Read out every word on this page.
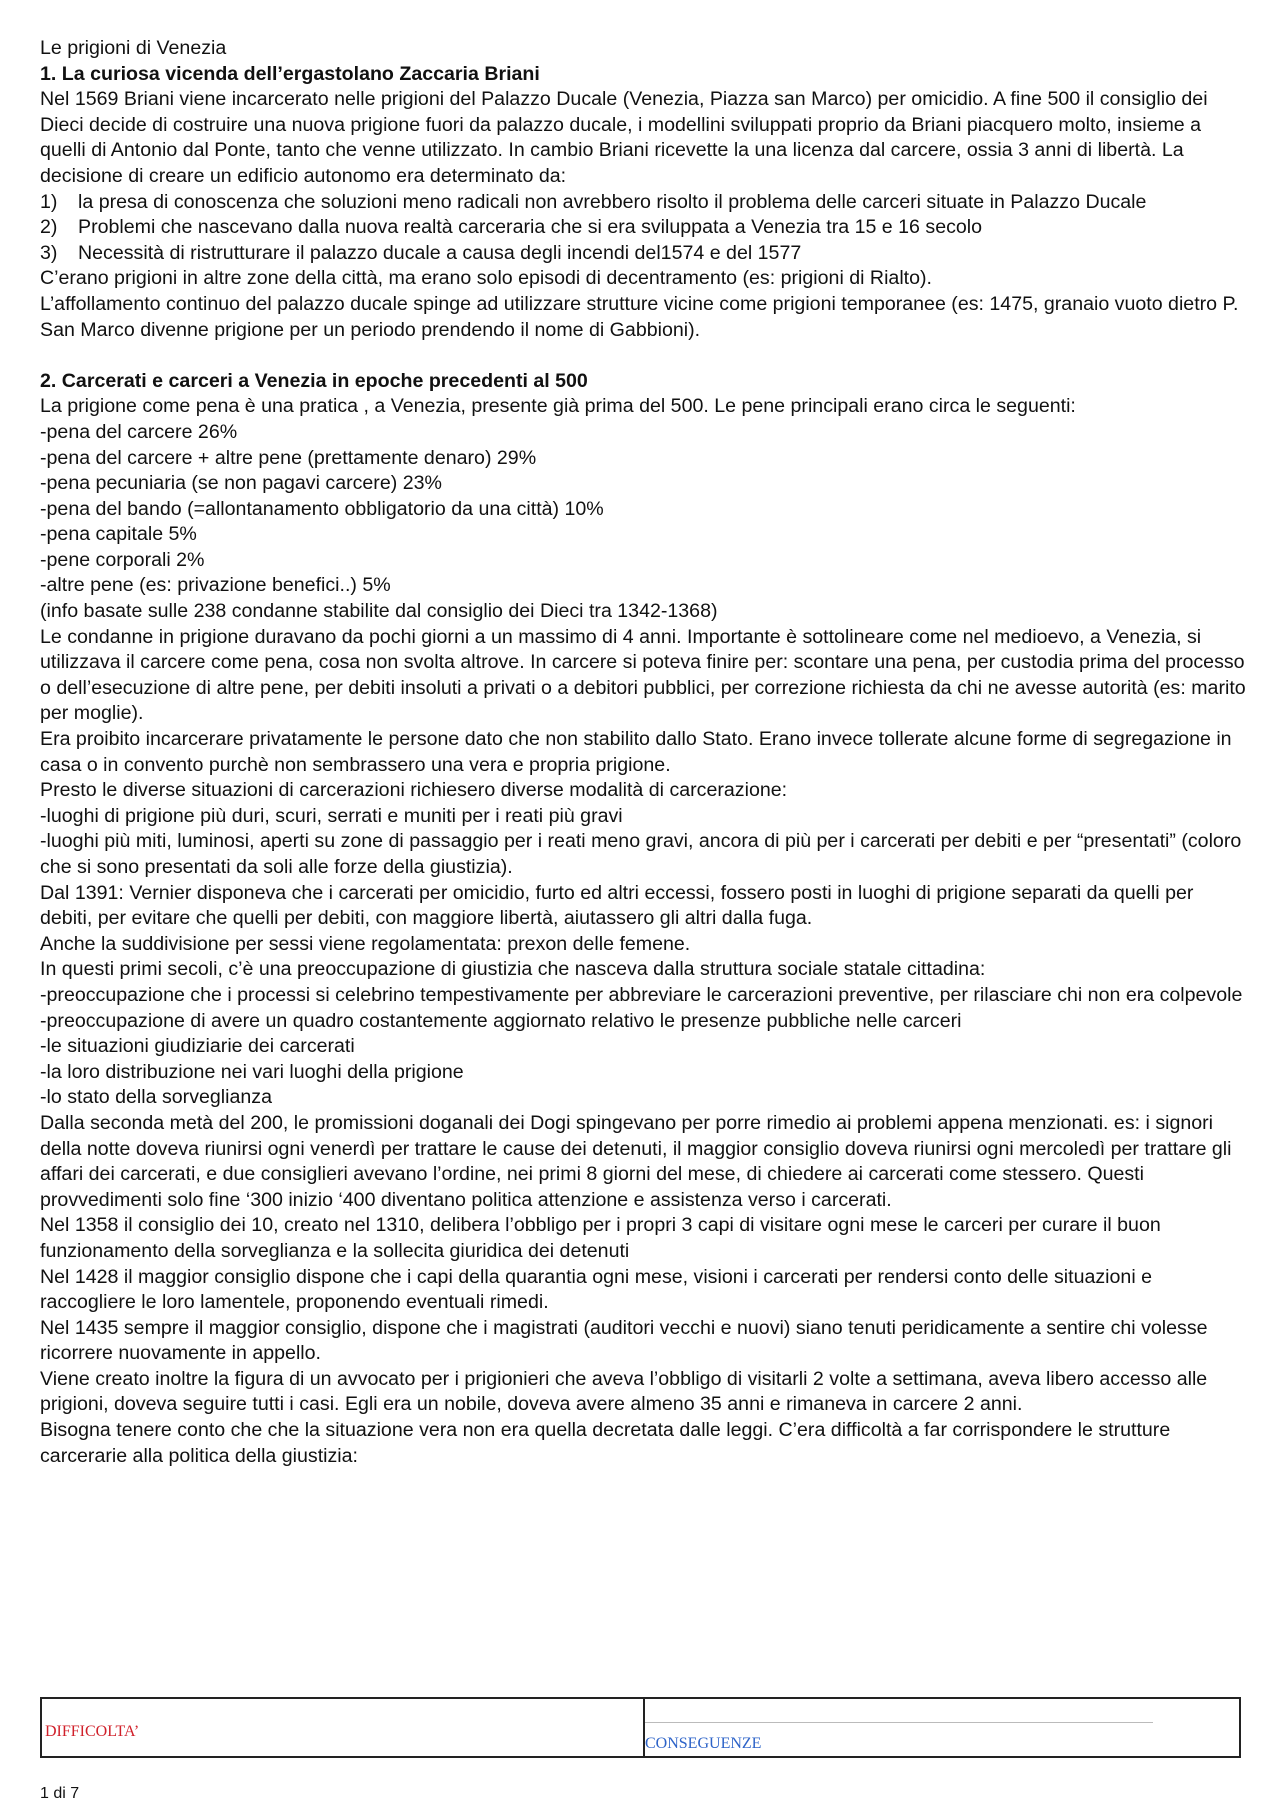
Le prigioni di Venezia

1. La curiosa vicenda dell’ergastolano Zaccaria Briani

Nel 1569 Briani viene incarcerato nelle prigioni del Palazzo Ducale (Venezia, Piazza san Marco) per omicidio. A fine 500 il consiglio dei Dieci decide di costruire una nuova prigione fuori da palazzo ducale, i modellini sviluppati proprio da Briani piacquero molto, insieme a quelli di Antonio dal Ponte, tanto che venne utilizzato. In cambio Briani ricevette la una licenza dal carcere, ossia 3 anni di libertà. La decisione di creare un edificio autonomo era determinato da:

1) la presa di conoscenza che soluzioni meno radicali non avrebbero risolto il problema delle carceri situate in Palazzo Ducale
2) Problemi che nascevano dalla nuova realtà carceraria che si era sviluppata a Venezia tra 15 e 16 secolo
3) Necessità di ristrutturare il palazzo ducale a causa degli incendi del1574 e del 1577

C’erano prigioni in altre zone della città, ma erano solo episodi di decentramento (es: prigioni di Rialto).

L’affollamento continuo del palazzo ducale spinge ad utilizzare strutture vicine come prigioni temporanee (es: 1475, granaio vuoto dietro P. San Marco divenne prigione per un periodo prendendo il nome di Gabbioni).

2. Carcerati e carceri a Venezia in epoche precedenti al 500

La prigione come pena è una pratica , a Venezia, presente già prima del 500. Le pene principali erano circa le seguenti:

-pena del carcere 26%

-pena del carcere + altre pene (prettamente denaro) 29%

-pena pecuniaria (se non pagavi carcere) 23%

-pena del bando (=allontanamento obbligatorio da una città) 10%

-pena capitale 5%

-pene corporali 2%

-altre pene (es: privazione benefici..) 5%

(info basate sulle 238 condanne stabilite dal consiglio dei Dieci tra 1342-1368)

Le condanne in prigione duravano da pochi giorni a un massimo di 4 anni. Importante è sottolineare come nel medioevo, a Venezia, si utilizzava il carcere come pena, cosa non svolta altrove. In carcere si poteva finire per: scontare una pena, per custodia prima del processo o dell’esecuzione di altre pene, per debiti insoluti a privati o a debitori pubblici, per correzione richiesta da chi ne avesse autorità (es: marito per moglie).

Era proibito incarcerare privatamente le persone dato che non stabilito dallo Stato. Erano invece tollerate alcune forme di segregazione in casa o in convento purchè non sembrassero una vera e propria prigione.

Presto le diverse situazioni di carcerazioni richiesero diverse modalità di carcerazione:

-luoghi di prigione più duri, scuri, serrati e muniti per i reati più gravi

-luoghi più miti, luminosi, aperti su zone di passaggio per i reati meno gravi, ancora di più per i carcerati per debiti e per “presentati” (coloro che si sono presentati da soli alle forze della giustizia).

Dal 1391: Vernier disponeva che i carcerati per omicidio, furto ed altri eccessi, fossero posti in luoghi di prigione separati da quelli per debiti, per evitare che quelli per debiti, con maggiore libertà, aiutassero gli altri dalla fuga.

Anche la suddivisione per sessi viene regolamentata: prexon delle femene.

In questi primi secoli, c’è una preoccupazione di giustizia che nasceva dalla struttura sociale statale cittadina:

-preoccupazione che i processi si celebrino tempestivamente per abbreviare le carcerazioni preventive, per rilasciare chi non era colpevole

-preoccupazione di avere un quadro costantemente aggiornato relativo le presenze pubbliche nelle carceri

-le situazioni giudiziarie dei carcerati

-la loro distribuzione nei vari luoghi della prigione

-lo stato della sorveglianza

Dalla seconda metà del 200, le promissioni doganali dei Dogi spingevano per porre rimedio ai problemi appena menzionati. es: i signori della notte doveva riunirsi ogni venerdì per trattare le cause dei detenuti, il maggior consiglio doveva riunirsi ogni mercoledì per trattare gli affari dei carcerati, e due consiglieri avevano l’ordine, nei primi 8 giorni del mese, di chiedere ai carcerati come stessero. Questi provvedimenti solo fine ‘300 inizio ‘400 diventano politica attenzione e assistenza verso i carcerati.

Nel 1358 il consiglio dei 10, creato nel 1310, delibera l’obbligo per i propri 3 capi di visitare ogni mese le carceri per curare il buon funzionamento della sorveglianza e la sollecita giuridica dei detenuti

Nel 1428 il maggior consiglio dispone che i capi della quarantia ogni mese, visioni i carcerati per rendersi conto delle situazioni e raccogliere le loro lamentele, proponendo eventuali rimedi.

Nel 1435 sempre il maggior consiglio, dispone che i magistrati (auditori vecchi e nuovi) siano tenuti peridicamente a sentire chi volesse ricorrere nuovamente in appello.

Viene creato inoltre la figura di un avvocato per i prigionieri che aveva l’obbligo di visitarli 2 volte a settimana, aveva libero accesso alle prigioni, doveva seguire tutti i casi. Egli era un nobile, doveva avere almeno 35 anni e rimaneva in carcere 2 anni.

Bisogna tenere conto che che la situazione vera non era quella decretata dalle leggi. C’era difficoltà a far corrispondere le strutture carcerarie alla politica della giustizia:

DIFFICOLTA’
CONSEGUENZE
1 di 7
